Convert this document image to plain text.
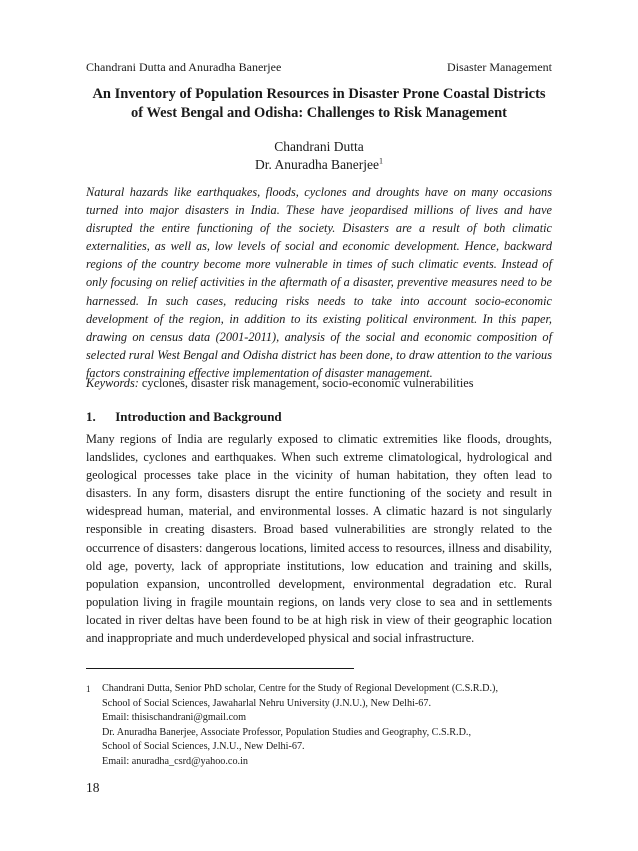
Chandrani Dutta and Anuradha Banerjee	Disaster Management
An Inventory of Population Resources in Disaster Prone Coastal Districts of West Bengal and Odisha: Challenges to Risk Management
Chandrani Dutta
Dr. Anuradha Banerjee$^1$

Natural hazards like earthquakes, floods, cyclones and droughts have on many occasions turned into major disasters in India. These have jeopardised millions of lives and have disrupted the entire functioning of the society. Disasters are a result of both climatic externalities, as well as, low levels of social and economic development. Hence, backward regions of the country become more vulnerable in times of such climatic events. Instead of only focusing on relief activities in the aftermath of a disaster, preventive measures need to be harnessed. In such cases, reducing risks needs to take into account socio-economic development of the region, in addition to its existing political environment. In this paper, drawing on census data (2001-2011), analysis of the social and economic composition of selected rural West Bengal and Odisha district has been done, to draw attention to the various factors constraining effective implementation of disaster management.

Keywords: cyclones, disaster risk management, socio-economic vulnerabilities
1. Introduction and Background

Many regions of India are regularly exposed to climatic extremities like floods, droughts, landslides, cyclones and earthquakes. When such extreme climatological, hydrological and geological processes take place in the vicinity of human habitation, they often lead to disasters. In any form, disasters disrupt the entire functioning of the society and result in widespread human, material, and environmental losses. A climatic hazard is not singularly responsible in creating disasters. Broad based vulnerabilities are strongly related to the occurrence of disasters: dangerous locations, limited access to resources, illness and disability, old age, poverty, lack of appropriate institutions, low education and training and skills, population expansion, uncontrolled development, environmental degradation etc. Rural population living in fragile mountain regions, on lands very close to sea and in settlements located in river deltas have been found to be at high risk in view of their geographic location and inappropriate and much underdeveloped physical and social infrastructure.

1	Chandrani Dutta, Senior PhD scholar, Centre for the Study of Regional Development (C.S.R.D.),
School of Social Sciences, Jawaharlal Nehru University (J.N.U.), New Delhi-67.
Email: thisischandrani@gmail.com
Dr. Anuradha Banerjee, Associate Professor, Population Studies and Geography, C.S.R.D.,
School of Social Sciences, J.N.U., New Delhi-67.
Email: anuradha_csrd@yahoo.co.in
18
